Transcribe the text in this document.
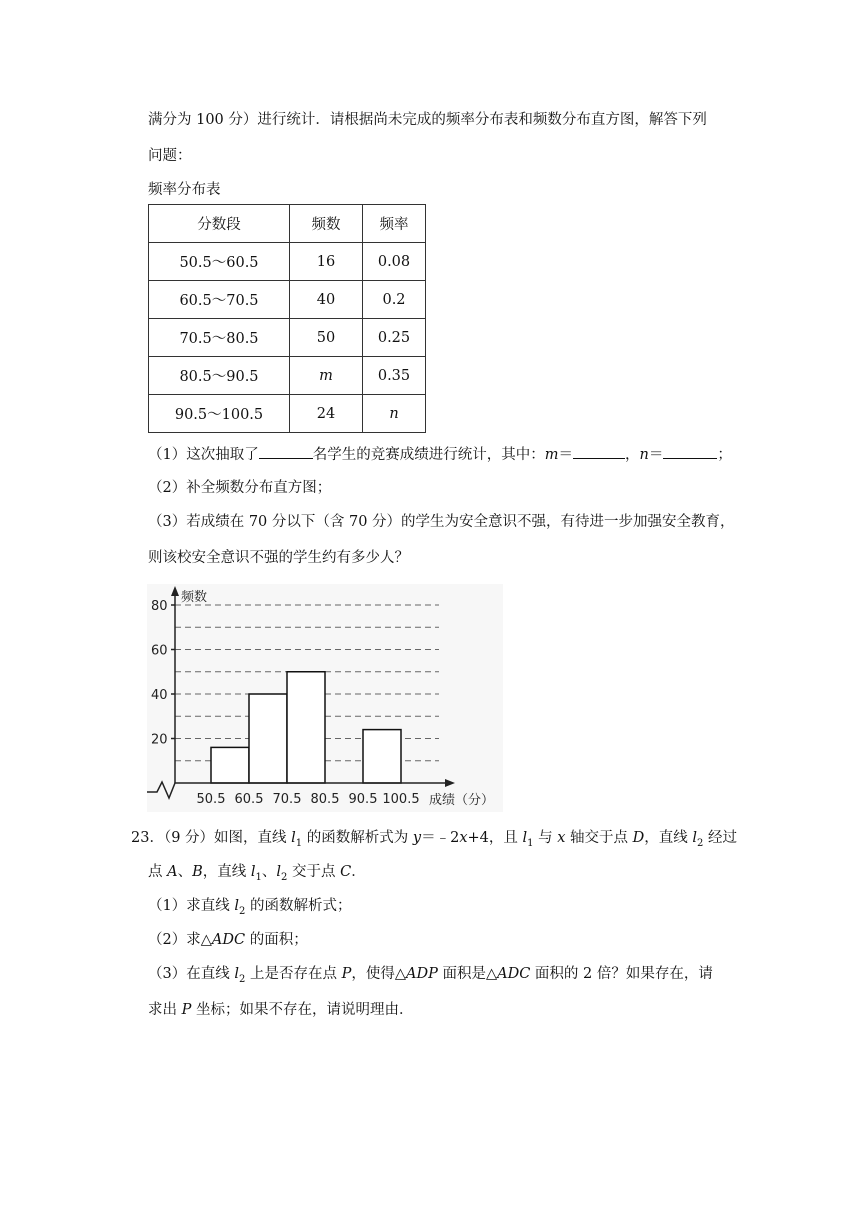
满分为 100 分）进行统计．请根据尚未完成的频率分布表和频数分布直方图，解答下列
问题：
频率分布表
分数段	频数	频率
50.5～60.5	16	0.08
60.5～70.5	40	0.2
70.5～80.5	50	0.25
80.5～90.5	m	0.35
90.5～100.5	24	n
（1）这次抽取了	名学生的竞赛成绩进行统计，其中：m＝	，n＝	；
（2）补全频数分布直方图；
（3）若成绩在 70 分以下（含 70 分）的学生为安全意识不强，有待进一步加强安全教育，
则该校安全意识不强的学生约有多少人？
频数
成绩（分）
20
40
60
80
50.5 60.5 70.5 80.5 90.5 100.5
23．（9 分）如图，直线 $l_1$ 的函数解析式为 y＝﹣2x+4，且 $l_1$ 与 x 轴交于点 D，直线 $l_2$ 经过
点 A、B，直线 $l_1$、$l_2$ 交于点 C．
（1）求直线 $l_2$ 的函数解析式；
（2）求△ADC 的面积；
（3）在直线 $l_2$ 上是否存在点 P，使得△ADP 面积是△ADC 面积的 2 倍？如果存在，请
求出 P 坐标；如果不存在，请说明理由．
